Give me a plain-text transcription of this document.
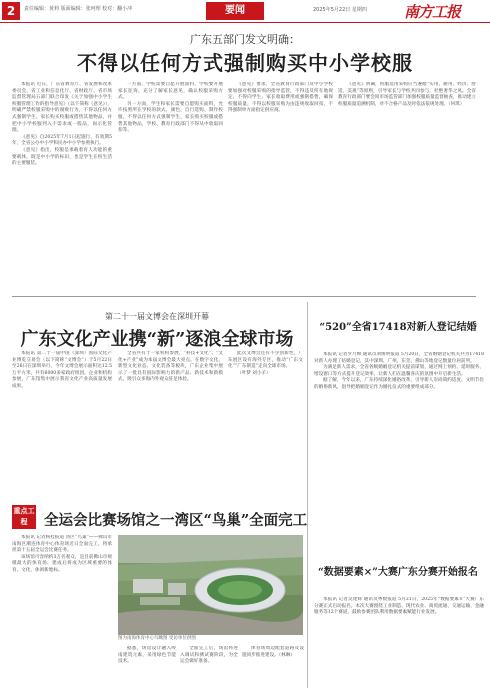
2	责任编辑：黄莉 版面编辑：张珂理 校对：翻小冲	要闻	2025年5月22日 星期四 南方工报
广东五部门发文明确：
不得以任何方式强制购买中小学校服

本报讯 近日，广东省教育厅、省发展和改革委员会、省工业和信息化厅、省财政厅、省市场监督管理局五部门联合印发《关于加强中小学生校服管理工作的指导意见》（以下简称《意见》），明确严禁校服采购中的腐败行为，不得以任何方式强制学生、家长购买校服或搭售其他物品，并把中小学校服列入不需求或一般品，岗示化管理。

《意见》自2025年7月1日起施行，有效期5年，全省公办中小学和民办中小学参照执行。

《意见》指出，校服是承载着育人功能的重要载体，既是中小学的标识，也是学生在校生活的主要服装。

一方面，学校需要自愿开展面料，学校要开展家长征询，充分了解家长意见，确认校服采购方式。

另一方面，学生和家长需要自愿购买面料，允许按照所在学校的款式、颜色、自行选购、制作校服，不得以任何方式强制学生、家长购买校服或搭售其他物品，学校、教育行政部门不得从中收取回扣等。

《意见》要求，全省教育行政部门及中小学校要加强对校服采购的指导监管，不得违反所在地规定，不得向学生、家长收取费用或强制搭售，确保校服质量，不得以校服采购为由违规收取回扣，不得强制单方面指定供应商。

《意见》明确，校服选用采购应当遵循“实用、耐用、经济、舒适、美观”等原则，引导家长与学校共同参与，杜绝奢华之风。全省教育行政部门要会同市场监管部门加强校服质量监督抽查，推动建立校服质量追溯机制，对不合格产品及时依法依规处理。（何琪）

第二十一届文博会在深圳开幕
广东文化产业携“新”逐浪全球市场

本报讯 第二十一届中国（深圳）国际文化产业博览交易会（以下简称“文博会”）于5月22日至26日在深圳举行。今年文博会展示面积达12.5万平方米，共有6000多家政府组团、企业和机构参展，广东馆集中展示我省文化产业高质量发展成果。

全省共有十一家机构参展，“科技+文化”、“文化+产业”成为本届文博会最大亮点。在数字文化、新型文化业态、文化装备等板块，广东企业集中展示了一批具有国际影响力的新产品、新技术和新模式，吸引众多海内外观众驻足体验。

此次文博会还有不少创新性，广东展区设有海外专区，推动“广东文化”“广东制造”走向全球市场。

（叶梦 刘小羊）

“520”全省17418对新人登记结婚

本报讯 记者罗月嫦 通讯员刘俊明报道 5月20日，全省婚姻登记机关共为17418对新人办理了结婚登记，其中深圳、广州、东莞、佛山等地登记数量位居前列。

为满足新人需求，全省各级婚姻登记机关提前谋划，通过网上预约、延时服务、增设窗口等方式提升登记效率，让新人们在温馨喜庆的氛围中开启新生活。

据了解，今年以来，广东持续深化婚俗改革，引导新人崇尚简约适度、文明节俭的婚俗新风，倡导把婚姻登记作为婚礼仪式的重要组成部分。

“数据要素×”大赛广东分赛开始报名

本报讯 记者吴建辉 通讯员粤数报道 5月21日，2025年“数据要素×”大赛广东分赛正式启动报名。本次大赛围绕工业制造、现代农业、商贸流通、交通运输、金融服务等12个赛道，鼓励参赛团队利用数据要素赋能行业发展。

重点工程	全运会比赛场馆之一湾区“鸟巢”全面完工

本报讯 记者杨桂报道 湾区“鸟巢”——佛山市南海区潮连体育中心体育场近日全面完工，将承担第十五届全运会比赛任务。

该场馆可容纳约3万名观众，是目前佛山市规模最大的体育场，建成后将成为区域重要的体育、文化、休闲新地标。

图为南海体育中心鸟瞰图 受访单位供图

据悉，场馆设计融入岭南建筑元素，采用绿色节能技术。

全面完工后，场馆将进入调试和测试赛阶段，为全运会做好准备。

体育场周边配套道路及设施同步推进建设。（林琳）
